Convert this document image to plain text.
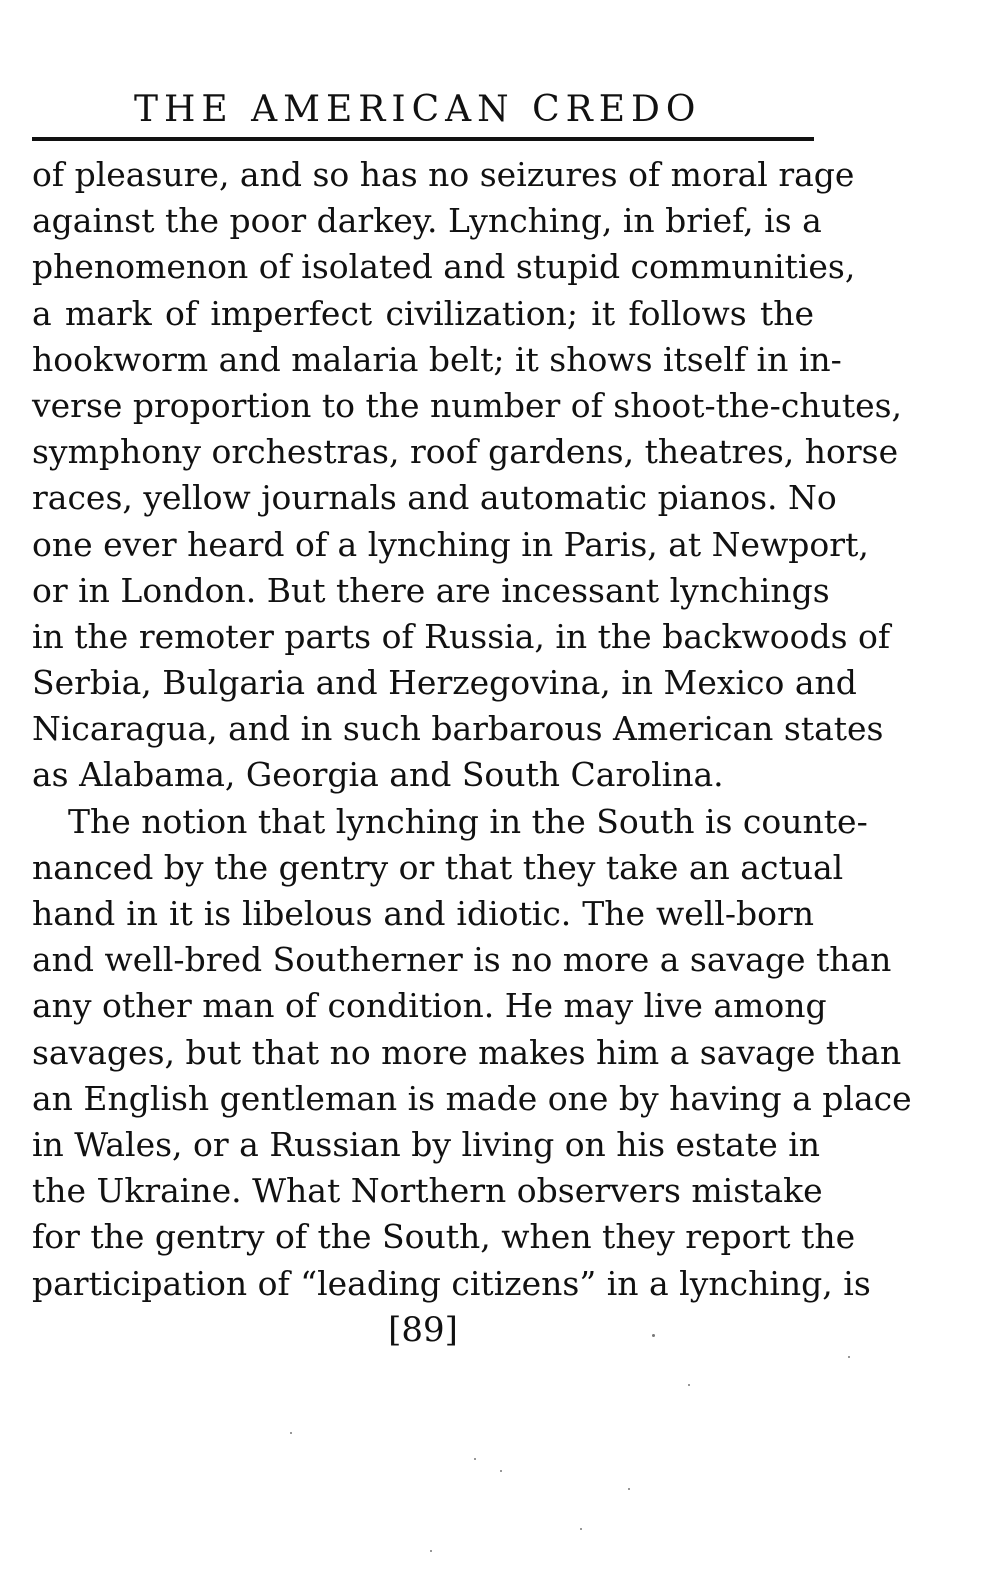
THE AMERICAN CREDO
of pleasure, and so has no seizures of moral rage
against the poor darkey. Lynching, in brief, is a
phenomenon of isolated and stupid communities,
a mark of imperfect civilization; it follows the
hookworm and malaria belt; it shows itself in in-
verse proportion to the number of shoot-the-chutes,
symphony orchestras, roof gardens, theatres, horse
races, yellow journals and automatic pianos. No
one ever heard of a lynching in Paris, at Newport,
or in London. But there are incessant lynchings
in the remoter parts of Russia, in the backwoods of
Serbia, Bulgaria and Herzegovina, in Mexico and
Nicaragua, and in such barbarous American states
as Alabama, Georgia and South Carolina.
The notion that lynching in the South is counte-
nanced by the gentry or that they take an actual
hand in it is libelous and idiotic. The well-born
and well-bred Southerner is no more a savage than
any other man of condition. He may live among
savages, but that no more makes him a savage than
an English gentleman is made one by having a place
in Wales, or a Russian by living on his estate in
the Ukraine. What Northern observers mistake
for the gentry of the South, when they report the
participation of “leading citizens” in a lynching, is
[89]
